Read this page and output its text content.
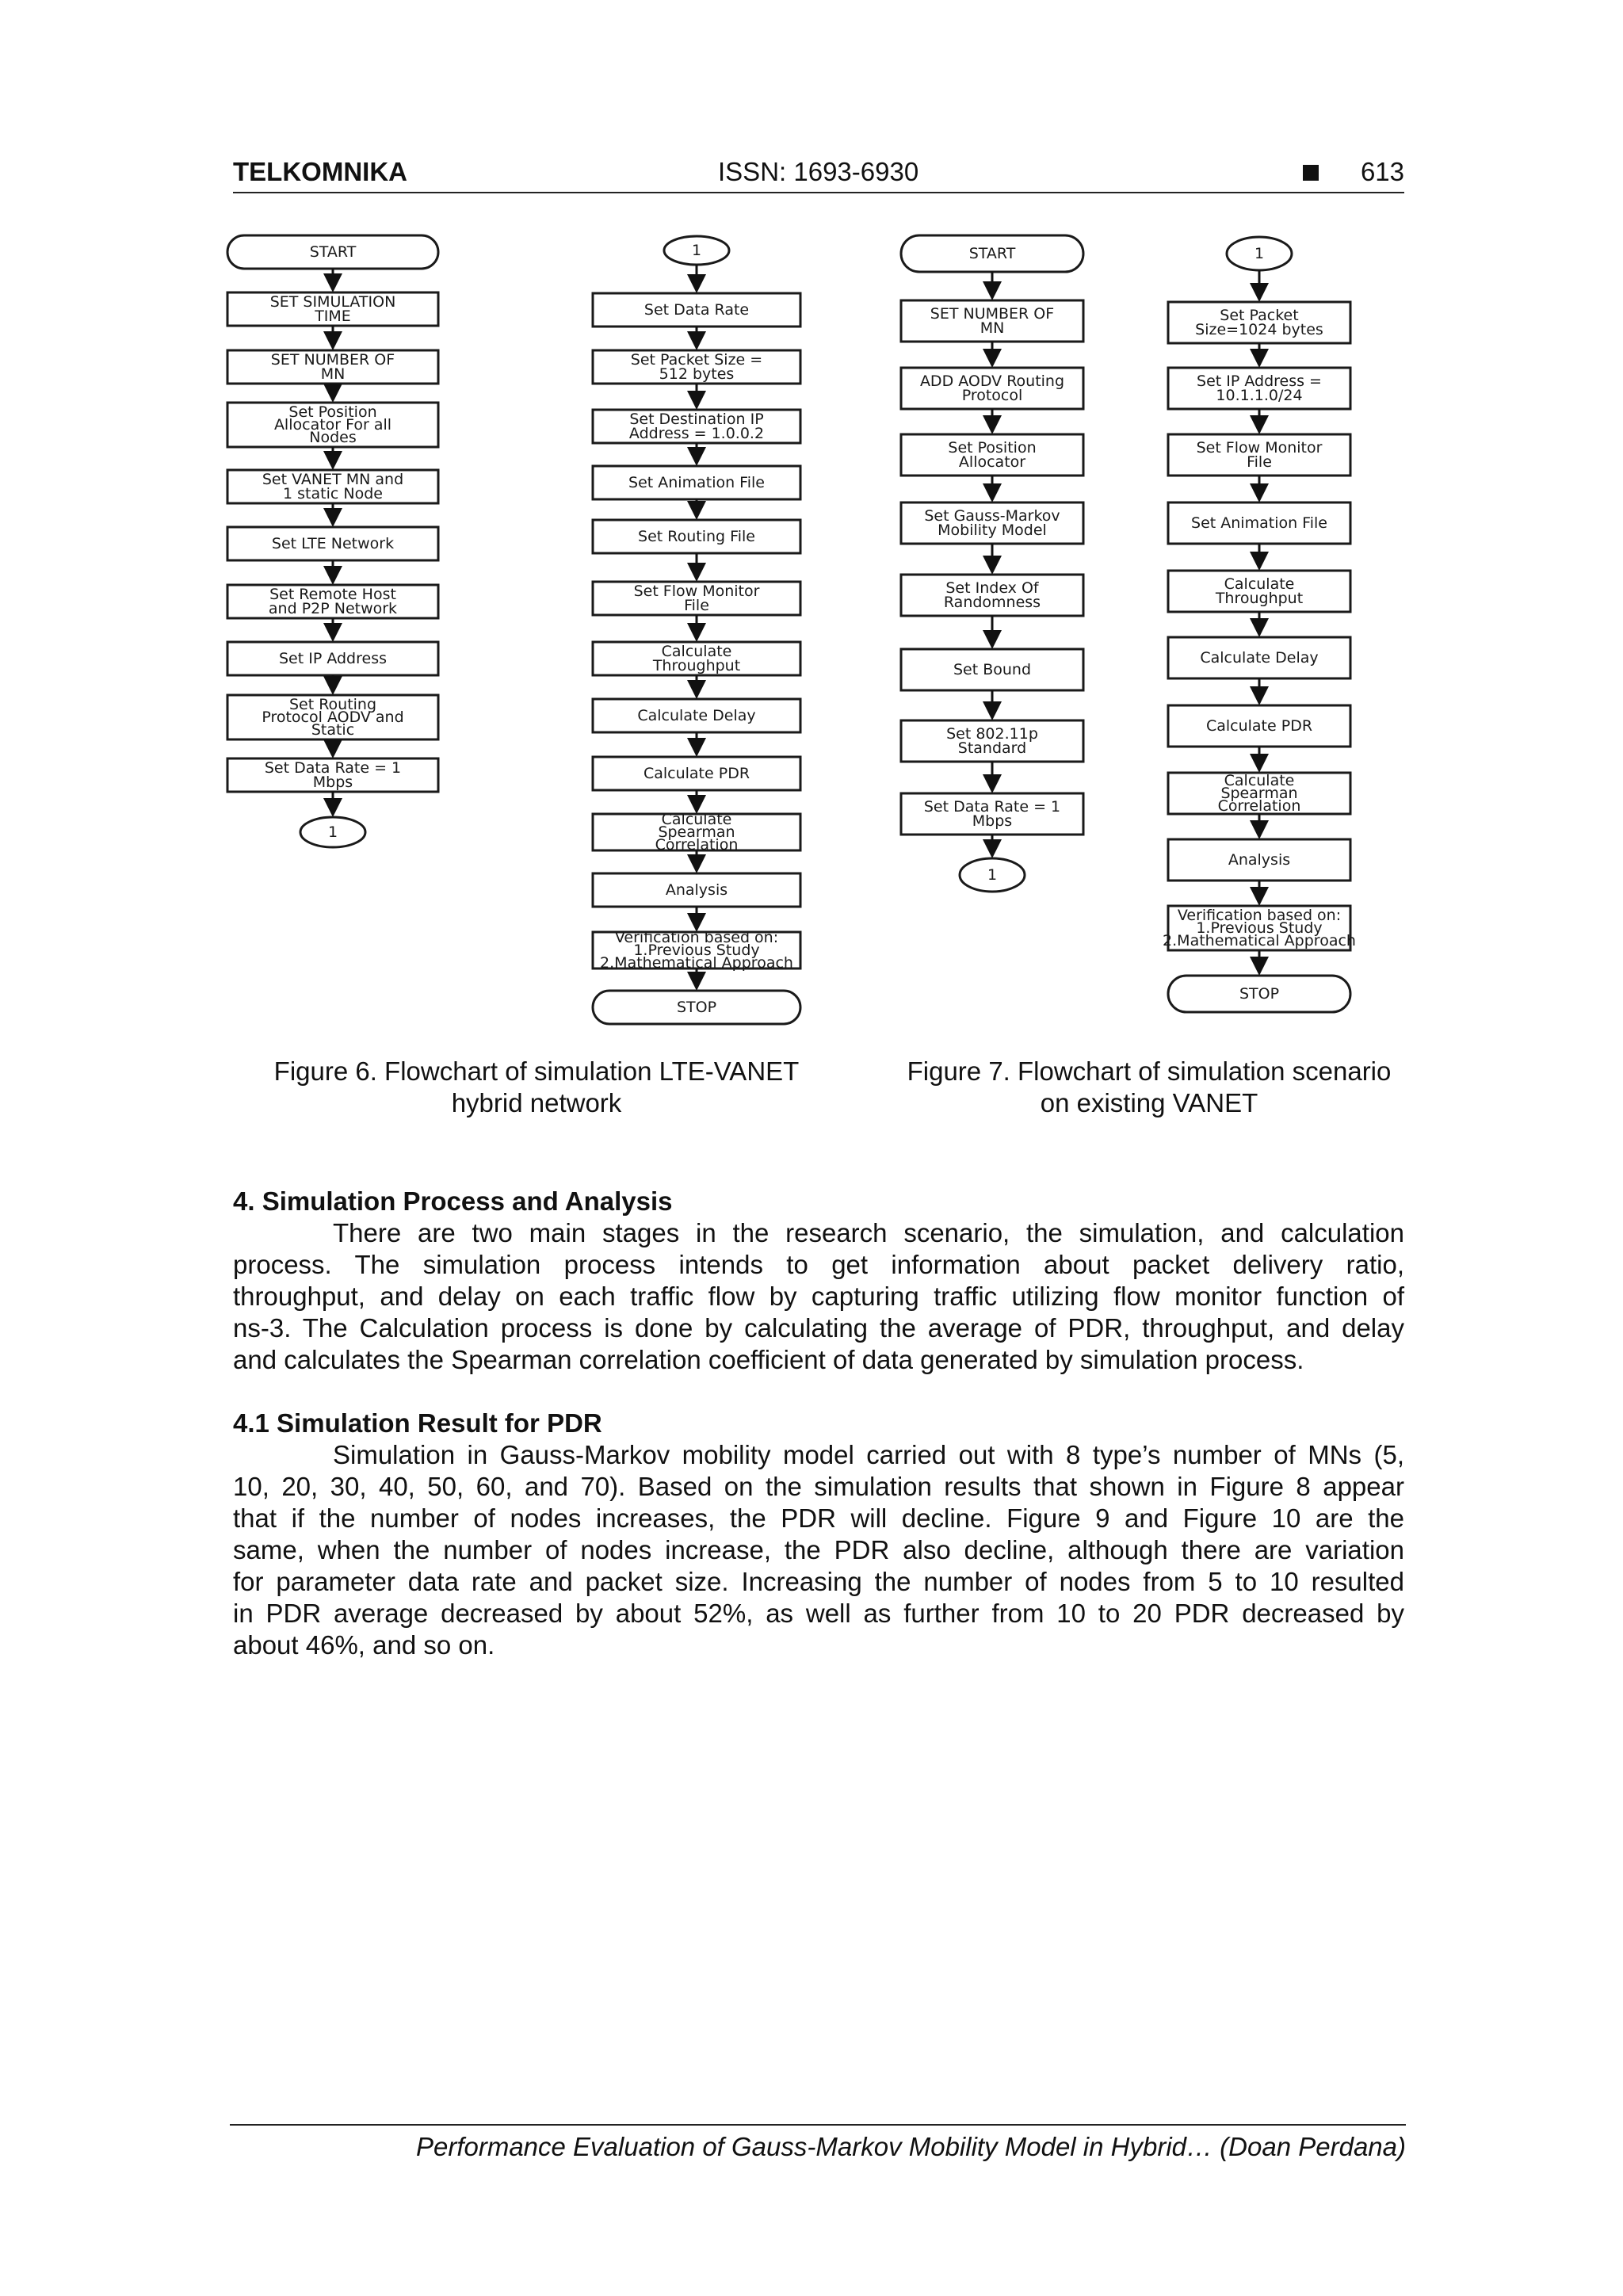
TELKOMNIKA	ISSN: 1693-6930	613
START
SET SIMULATION
TIME
SET NUMBER OF
MN
Set Position
Allocator For all
Nodes
Set VANET MN and
1 static Node
Set LTE Network
Set Remote Host
and P2P Network
Set IP Address
Set Routing
Protocol AODV and
Static
Set Data Rate = 1
Mbps
1
1
Set Data Rate
Set Packet Size =
512 bytes
Set Destination IP
Address = 1.0.0.2
Set Animation File
Set Routing File
Set Flow Monitor
File
Calculate
Throughput
Calculate Delay
Calculate PDR
Calculate
Spearman
Correlation
Analysis
Verification based on:
1.Previous Study
2.Mathematical Approach
STOP
START
SET NUMBER OF
MN
ADD AODV Routing
Protocol
Set Position
Allocator
Set Gauss-Markov
Mobility Model
Set Index Of
Randomness
Set Bound
Set 802.11p
Standard
Set Data Rate = 1
Mbps
1
1
Set Packet
Size=1024 bytes
Set IP Address =
10.1.1.0/24
Set Flow Monitor
File
Set Animation File
Calculate
Throughput
Calculate Delay
Calculate PDR
Calculate
Spearman
Correlation
Analysis
Verification based on:
1.Previous Study
2.Mathematical Approach
STOP
Figure 6. Flowchart of simulation LTE-VANET
hybrid network
Figure 7. Flowchart of simulation scenario
on existing VANET
4. Simulation Process and Analysis

There are two main stages in the research scenario, the simulation, and calculation
process. The simulation process intends to get information about packet delivery ratio,
throughput, and delay on each traffic flow by capturing traffic utilizing flow monitor function of
ns-3. The Calculation process is done by calculating the average of PDR, throughput, and delay
and calculates the Spearman correlation coefficient of data generated by simulation process.

4.1 Simulation Result for PDR

Simulation in Gauss-Markov mobility model carried out with 8 type’s number of MNs (5,
10, 20, 30, 40, 50, 60, and 70). Based on the simulation results that shown in Figure 8 appear
that if the number of nodes increases, the PDR will decline. Figure 9 and Figure 10 are the
same, when the number of nodes increase, the PDR also decline, although there are variation
for parameter data rate and packet size. Increasing the number of nodes from 5 to 10 resulted
in PDR average decreased by about 52%, as well as further from 10 to 20 PDR decreased by
about 46%, and so on.

Performance Evaluation of Gauss-Markov Mobility Model in Hybrid… (Doan Perdana)
